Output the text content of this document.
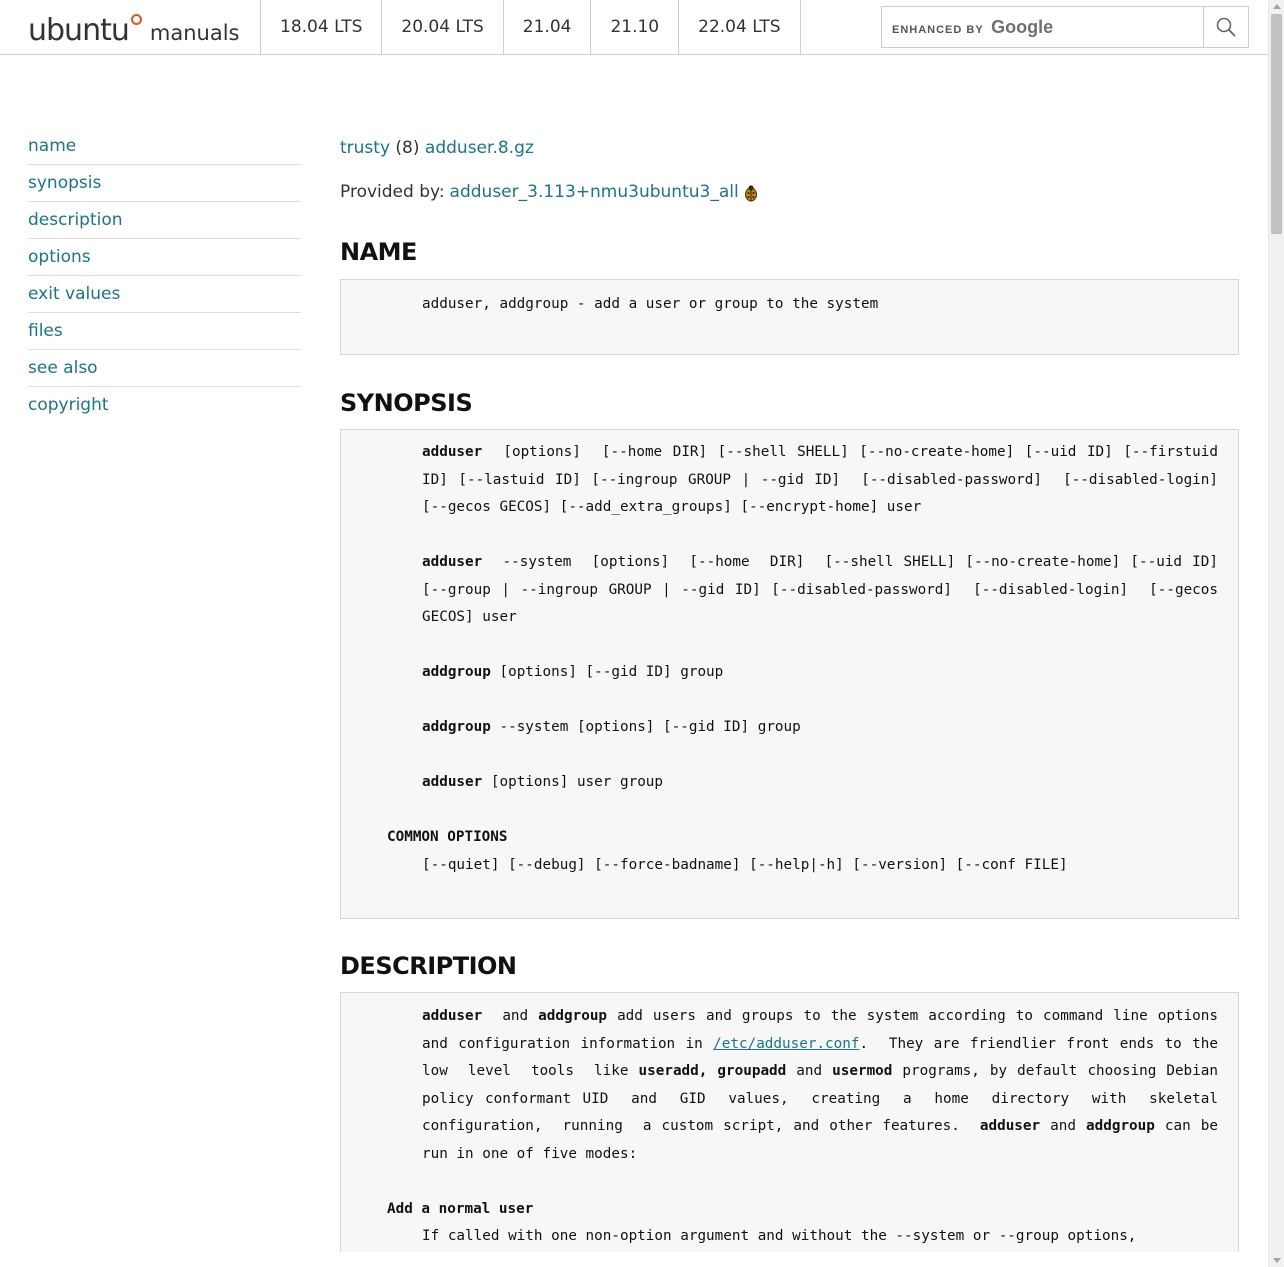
ubuntu manuals	18.04 LTS	20.04 LTS	21.04	21.10	22.04 LTS	ENHANCED BY Google
name
synopsis
description
options
exit values
files
see also
copyright
trusty (8) adduser.8.gz
Provided by: adduser_3.113+nmu3ubuntu3_all
NAME

adduser, addgroup - add a user or group to the system

SYNOPSIS

adduser  [options]  [--home DIR] [--shell SHELL] [--no-create-home] [--uid ID] [--firstuid ID] [--lastuid ID] [--ingroup GROUP | --gid ID]  [--disabled-password]  [--disabled-login] [--gecos GECOS] [--add_extra_groups] [--encrypt-home] user

adduser  --system  [options]  [--home  DIR]  [--shell SHELL] [--no-create-home] [--uid ID] [--group | --ingroup GROUP | --gid ID] [--disabled-password]  [--disabled-login]  [--gecos GECOS] user

addgroup [options] [--gid ID] group

addgroup --system [options] [--gid ID] group

adduser [options] user group

COMMON OPTIONS

[--quiet] [--debug] [--force-badname] [--help|-h] [--version] [--conf FILE]

DESCRIPTION

adduser  and addgroup add users and groups to the system according to command line options and configuration information in /etc/adduser.conf.  They are friendlier front ends to the low  level  tools  like useradd, groupadd and usermod programs, by default choosing Debian policy conformant UID  and  GID  values,  creating  a  home  directory  with  skeletal configuration,  running  a custom script, and other features.  adduser and addgroup can be run in one of five modes:

Add a normal user

If called with one non-option argument and without the --system or --group options,
